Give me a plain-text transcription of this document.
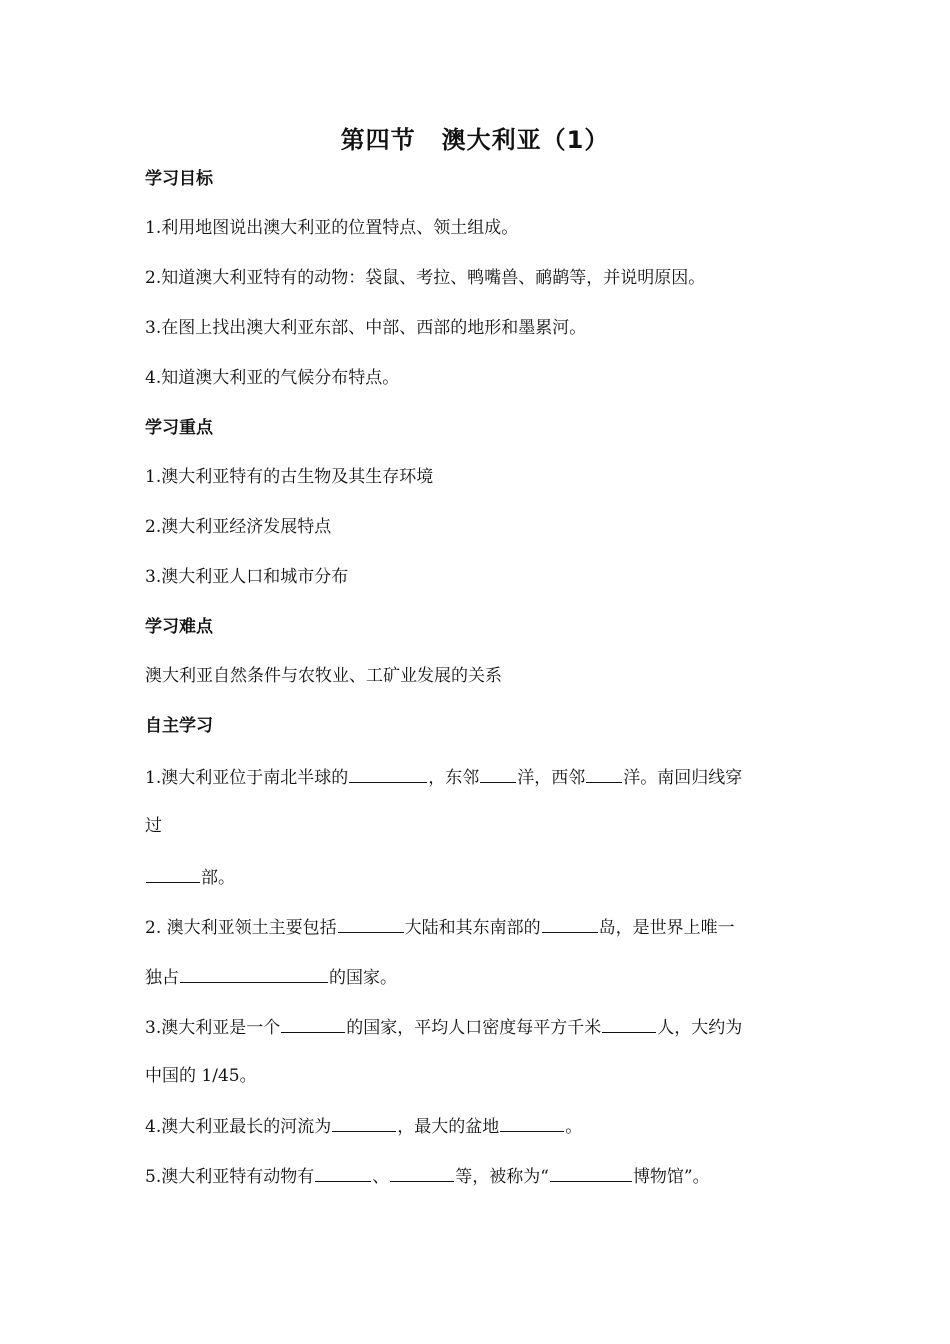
第四节 澳大利亚（1）
学习目标
1.利用地图说出澳大利亚的位置特点、领土组成。
2.知道澳大利亚特有的动物：袋鼠、考拉、鸭嘴兽、鸸鹋等，并说明原因。
3.在图上找出澳大利亚东部、中部、西部的地形和墨累河。
4.知道澳大利亚的气候分布特点。
学习重点
1.澳大利亚特有的古生物及其生存环境
2.澳大利亚经济发展特点
3.澳大利亚人口和城市分布
学习难点
澳大利亚自然条件与农牧业、工矿业发展的关系
自主学习
1.澳大利亚位于南北半球的	，东邻 洋，西邻 洋。南回归线穿
过
部。
2. 澳大利亚领土主要包括	大陆和其东南部的	岛，是世界上唯一
独占	的国家。
3.澳大利亚是一个	的国家，平均人口密度每平方千米	人，大约为
中国的 1/45。
4.澳大利亚最长的河流为	，最大的盆地	。
5.澳大利亚特有动物有	、	等，被称为“	博物馆”。
